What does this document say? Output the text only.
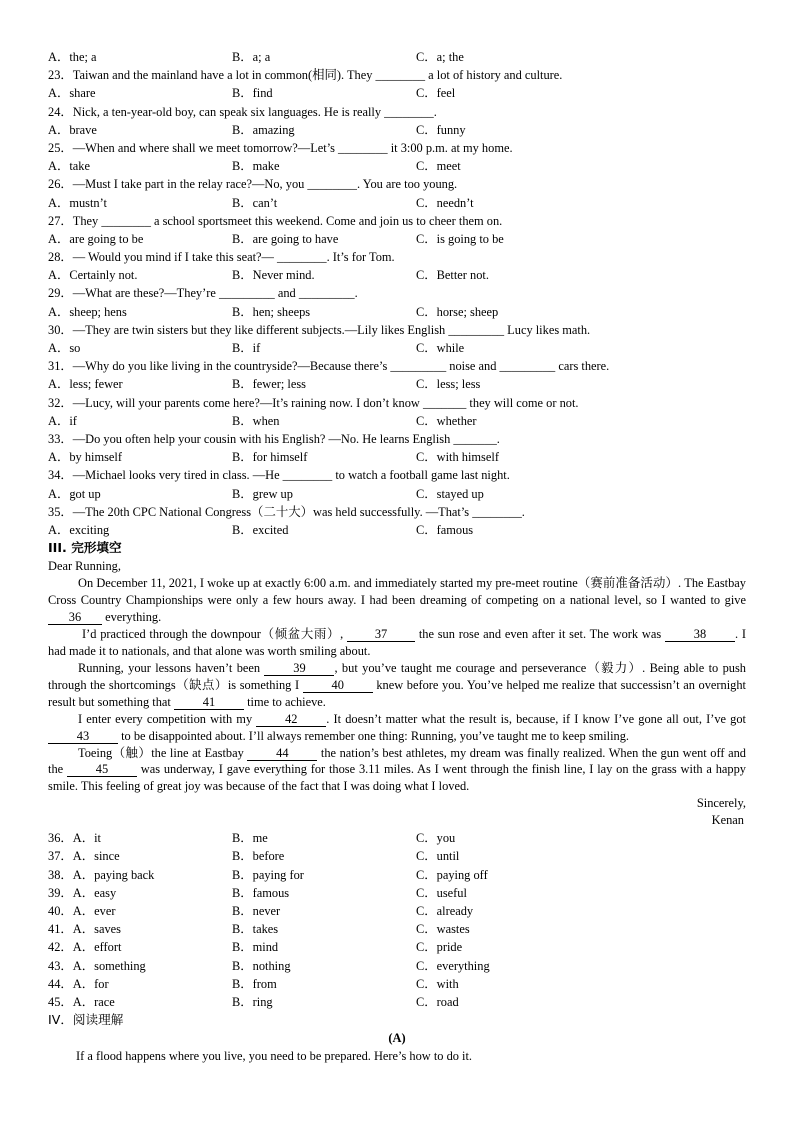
A．the; a	B．a; a	C．a; the
23．Taiwan and the mainland have a lot in common(相同). They ________ a lot of history and culture.
A．share	B．find	C．feel
24．Nick, a ten-year-old boy, can speak six languages. He is really ________.
A．brave	B．amazing	C．funny
25．—When and where shall we meet tomorrow?—Let’s ________ it 3:00 p.m. at my home.
A．take	B．make	C．meet
26．—Must I take part in the relay race?—No, you ________. You are too young.
A．mustn’t	B．can’t	C．needn’t
27．They ________ a school sportsmeet this weekend. Come and join us to cheer them on.
A．are going to be	B．are going to have	C．is going to be
28．— Would you mind if I take this seat?— ________. It’s for Tom.
A．Certainly not.	B．Never mind.	C．Better not.
29．—What are these?—They’re _________ and _________.
A．sheep; hens	B．hen; sheeps	C．horse; sheep
30．—They are twin sisters but they like different subjects.—Lily likes English _________ Lucy likes math.
A．so	B．if	C．while
31．—Why do you like living in the countryside?—Because there’s _________ noise and _________ cars there.
A．less; fewer	B．fewer; less	C．less; less
32．—Lucy, will your parents come here?—It’s raining now. I don’t know _______ they will come or not.
A．if	B．when	C．whether
33．—Do you often help your cousin with his English? —No. He learns English _______.
A．by himself	B．for himself	C．with himself
34．—Michael looks very tired in class. —He ________ to watch a football game last night.
A．got up	B．grew up	C．stayed up
35．—The 20th CPC National Congress（二十大）was held successfully. —That’s ________.
A．exciting	B．excited	C．famous
III. 完形填空
Dear Running,
On December 11, 2021, I woke up at exactly 6:00 a.m. and immediately started my pre-meet routine（赛前准备活动）. The Eastbay Cross Country Championships were only a few hours away. I had been dreaming of competing on a national level, so I wanted to give 36 everything.
I’d practiced through the downpour（倾盆大雨）,	37	the sun rose and even after it set. The work was	38 . I had made it to nationals, and that alone was worth smiling about.
Running, your lessons haven’t been	39 , but you’ve taught me courage and perseverance（毅力）. Being able to push through the shortcomings（缺点）is something I	40	knew before you. You’ve helped me realize that successisn’t an overnight result but something that	41	time to achieve.
I enter every competition with my	42 . It doesn’t matter what the result is, because, if I know I’ve gone all out, I’ve got 43	to be disappointed about. I’ll always remember one thing: Running, you’ve taught me to keep smiling.
Toeing（触）the line at Eastbay	44	the nation’s best athletes, my dream was finally realized. When the gun went off and the	45	was underway, I gave everything for those 3.11 miles. As I went through the finish line, I lay on the grass with a happy smile. This feeling of great joy was because of the fact that I was doing what I loved.
Sincerely,
Kenan
36．A．it	B．me	C．you
37．A．since	B．before	C．until
38．A．paying back	B．paying for	C．paying off
39．A．easy	B．famous	C．useful
40．A．ever	B．never	C．already
41．A．saves	B．takes	C．wastes
42．A．effort	B．mind	C．pride
43．A．something	B．nothing	C．everything
44．A．for	B．from	C．with
45．A．race	B．ring	C．road
IV．阅读理解
(A)
If a flood happens where you live, you need to be prepared. Here’s how to do it.
